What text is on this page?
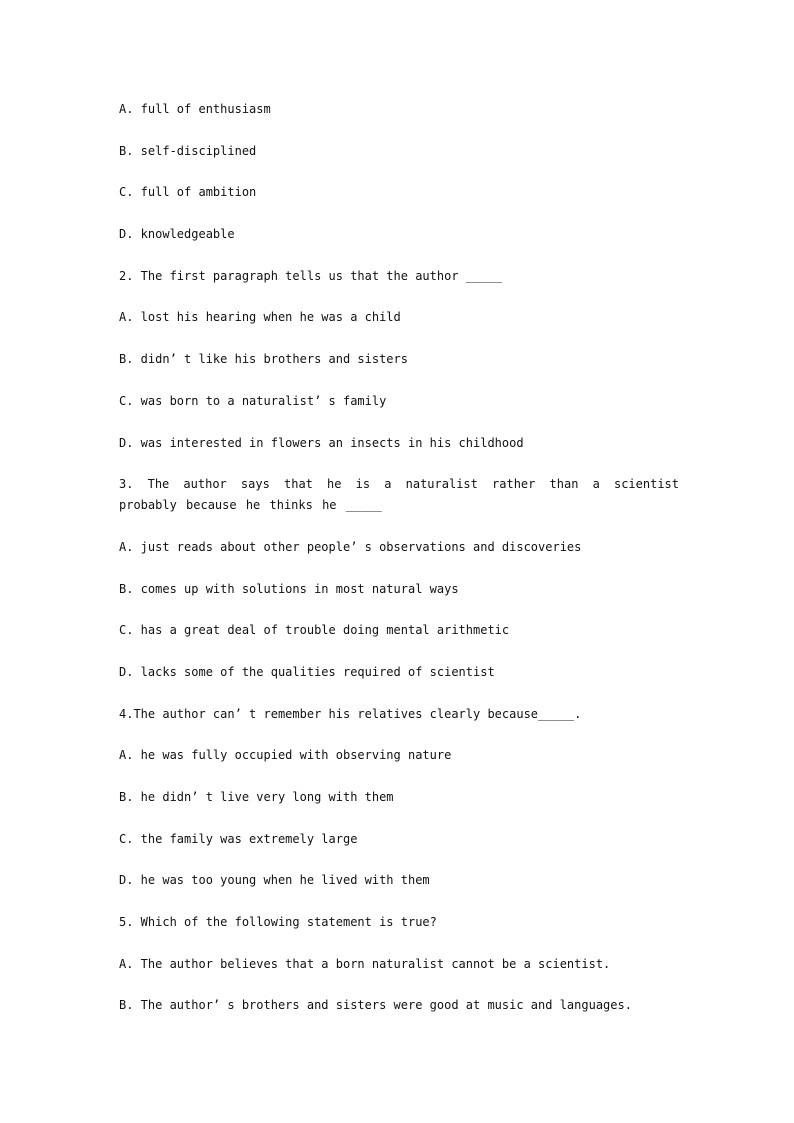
A. full of enthusiasm

B. self-disciplined

C. full of ambition

D. knowledgeable

2. The first paragraph tells us that the author _____

A. lost his hearing when he was a child

B. didn’ t like his brothers and sisters

C. was born to a naturalist’ s family

D. was interested in flowers an insects in his childhood

3. The author says that he is a naturalist rather than a scientist probably because he thinks he _____

A. just reads about other people’ s observations and discoveries

B. comes up with solutions in most natural ways

C. has a great deal of trouble doing mental arithmetic

D. lacks some of the qualities required of scientist

4.The author can’ t remember his relatives clearly because_____.

A. he was fully occupied with observing nature

B. he didn’ t live very long with them

C. the family was extremely large

D. he was too young when he lived with them

5. Which of the following statement is true?

A. The author believes that a born naturalist cannot be a scientist.

B. The author’ s brothers and sisters were good at music and languages.
